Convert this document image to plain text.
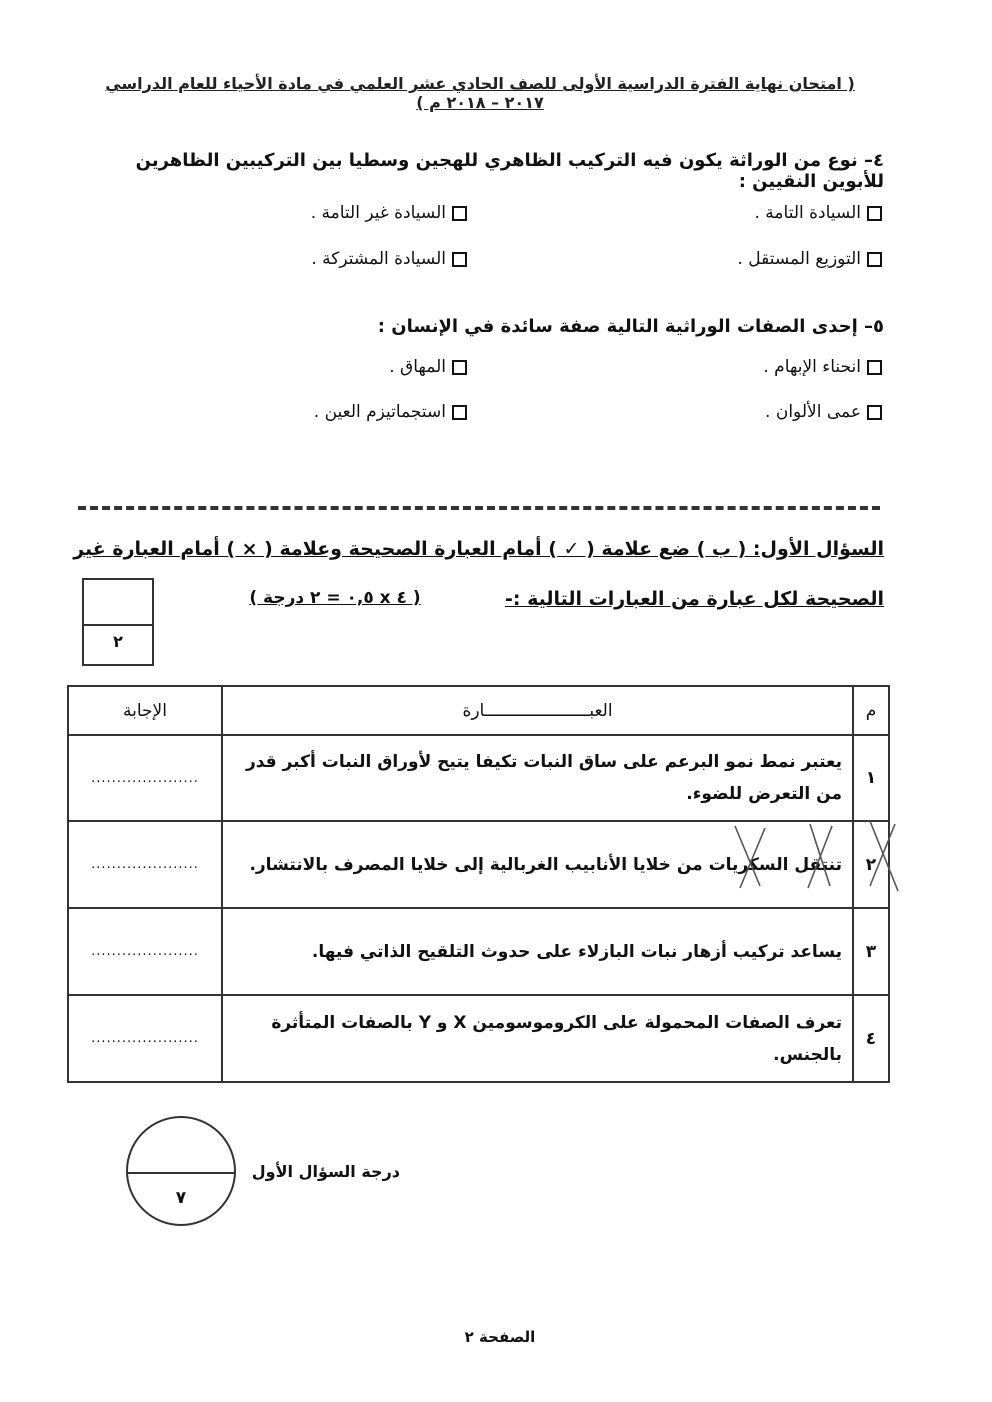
( امتحان نهاية الفترة الدراسية الأولى للصف الحادي عشر العلمي في مادة الأحياء للعام الدراسي ٢٠١٧ – ٢٠١٨ م )
٤– نوع من الوراثة يكون فيه التركيب الظاهري للهجين وسطيا بين التركيبين الظاهرين للأبوين النقيين :
السيادة التامة .
السيادة غير التامة .
التوزيع المستقل .
السيادة المشتركة .
٥– إحدى الصفات الوراثية التالية صفة سائدة في الإنسان :
انحناء الإبهام .
المهاق .
عمى الألوان .
استجماتيزم العين .
السؤال الأول: ( ب ) ضع علامة ( ✓ ) أمام العبارة الصحيحة وعلامة ( × ) أمام العبارة غير
الصحيحة لكل عبارة من العبارات التالية :-
( ٤ x ٠,٥ = ٢ درجة )
٢
م	العبـــــــــــــــــــــارة	الإجابة
١	يعتبر نمط نمو البرعم على ساق النبات تكيفا يتيح لأوراق النبات أكبر قدر من التعرض للضوء.	.....................
٢	تنتقل السكريات من خلايا الأنابيب الغربالية إلى خلايا المصرف بالانتشار.	.....................
٣	يساعد تركيب أزهار نبات البازلاء على حدوث التلقيح الذاتي فيها.	.....................
٤	تعرف الصفات المحمولة على الكروموسومين X و Y بالصفات المتأثرة بالجنس.	.....................
٧
درجة السؤال الأول
الصفحة ٢
